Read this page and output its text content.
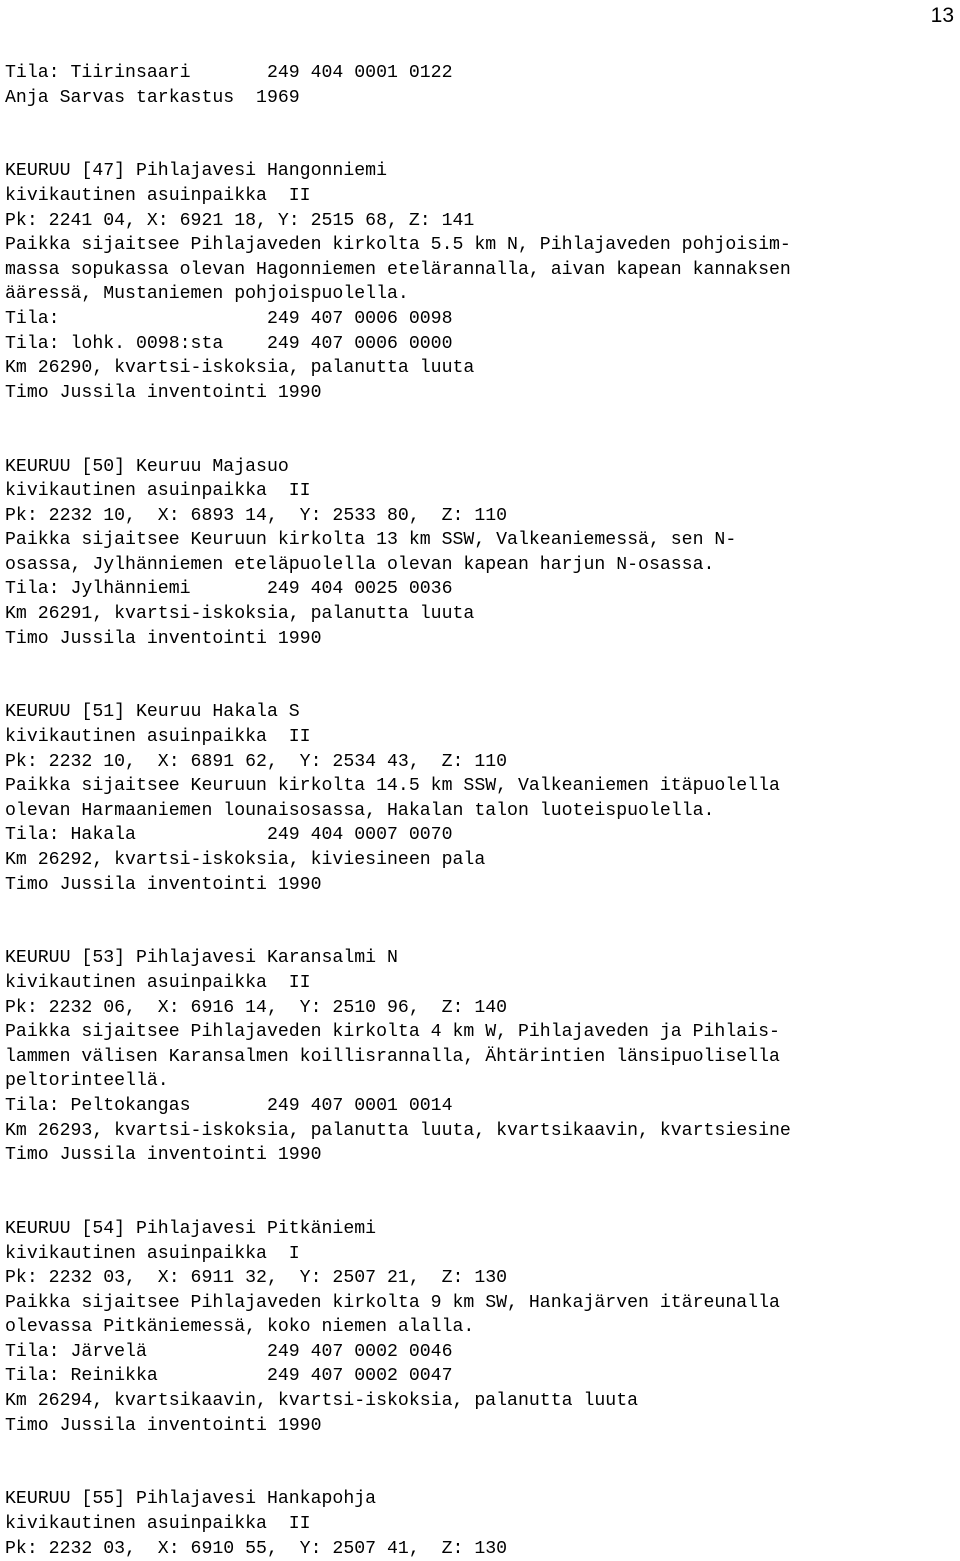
13
Tila: Tiirinsaari       249 404 0001 0122
Anja Sarvas tarkastus  1969
KEURUU [47] Pihlajavesi Hangonniemi
kivikautinen asuinpaikka  II
Pk: 2241 04, X: 6921 18, Y: 2515 68, Z: 141
Paikka sijaitsee Pihlajaveden kirkolta 5.5 km N, Pihlajaveden pohjoisim-
massa sopukassa olevan Hagonniemen etelärannalla, aivan kapean kannaksen
ääressä, Mustaniemen pohjoispuolella.
Tila:                   249 407 0006 0098
Tila: lohk. 0098:sta    249 407 0006 0000
Km 26290, kvartsi-iskoksia, palanutta luuta
Timo Jussila inventointi 1990
KEURUU [50] Keuruu Majasuo
kivikautinen asuinpaikka  II
Pk: 2232 10,  X: 6893 14,  Y: 2533 80,  Z: 110
Paikka sijaitsee Keuruun kirkolta 13 km SSW, Valkeaniemessä, sen N-
osassa, Jylhänniemen eteläpuolella olevan kapean harjun N-osassa.
Tila: Jylhänniemi       249 404 0025 0036
Km 26291, kvartsi-iskoksia, palanutta luuta
Timo Jussila inventointi 1990
KEURUU [51] Keuruu Hakala S
kivikautinen asuinpaikka  II
Pk: 2232 10,  X: 6891 62,  Y: 2534 43,  Z: 110
Paikka sijaitsee Keuruun kirkolta 14.5 km SSW, Valkeaniemen itäpuolella
olevan Harmaaniemen lounaisosassa, Hakalan talon luoteispuolella.
Tila: Hakala            249 404 0007 0070
Km 26292, kvartsi-iskoksia, kiviesineen pala
Timo Jussila inventointi 1990
KEURUU [53] Pihlajavesi Karansalmi N
kivikautinen asuinpaikka  II
Pk: 2232 06,  X: 6916 14,  Y: 2510 96,  Z: 140
Paikka sijaitsee Pihlajaveden kirkolta 4 km W, Pihlajaveden ja Pihlais-
lammen välisen Karansalmen koillisrannalla, Ähtärintien länsipuolisella
peltorinteellä.
Tila: Peltokangas       249 407 0001 0014
Km 26293, kvartsi-iskoksia, palanutta luuta, kvartsikaavin, kvartsiesine
Timo Jussila inventointi 1990
KEURUU [54] Pihlajavesi Pitkäniemi
kivikautinen asuinpaikka  I
Pk: 2232 03,  X: 6911 32,  Y: 2507 21,  Z: 130
Paikka sijaitsee Pihlajaveden kirkolta 9 km SW, Hankajärven itäreunalla
olevassa Pitkäniemessä, koko niemen alalla.
Tila: Järvelä           249 407 0002 0046
Tila: Reinikka          249 407 0002 0047
Km 26294, kvartsikaavin, kvartsi-iskoksia, palanutta luuta
Timo Jussila inventointi 1990
KEURUU [55] Pihlajavesi Hankapohja
kivikautinen asuinpaikka  II
Pk: 2232 03,  X: 6910 55,  Y: 2507 41,  Z: 130
